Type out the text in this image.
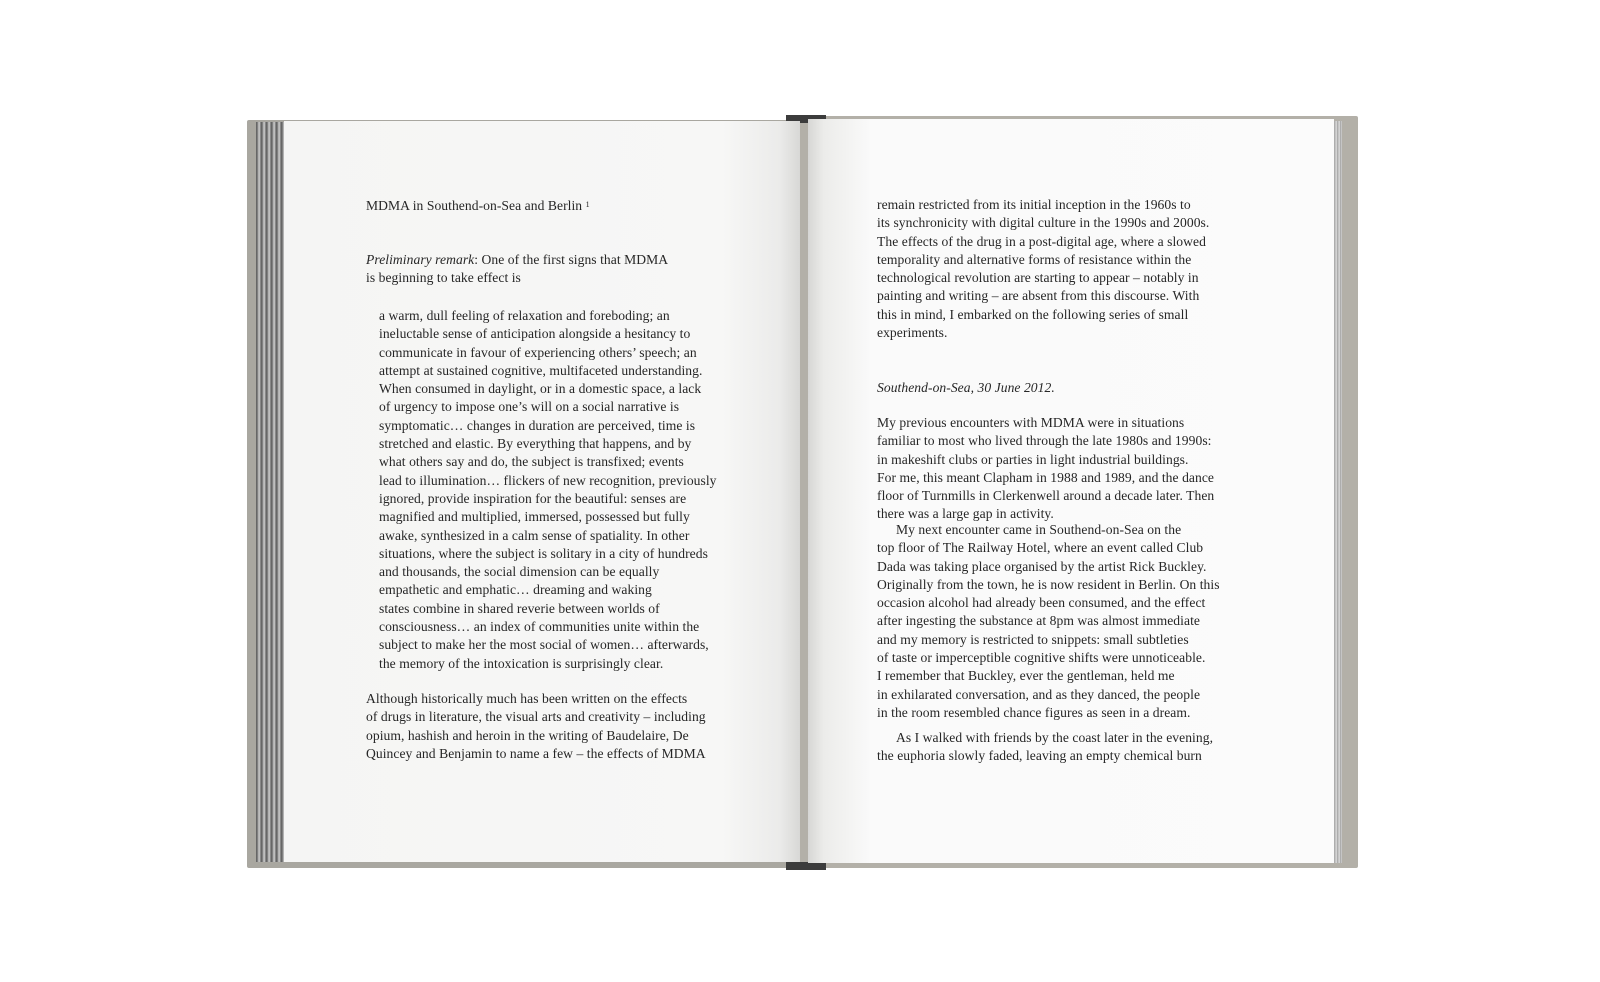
MDMA in Southend-on-Sea and Berlin $^1$
Preliminary remark: One of the first signs that MDMA
is beginning to take effect is
a warm, dull feeling of relaxation and foreboding; an
ineluctable sense of anticipation alongside a hesitancy to
communicate in favour of experiencing others’ speech; an
attempt at sustained cognitive, multifaceted understanding.
When consumed in daylight, or in a domestic space, a lack
of urgency to impose one’s will on a social narrative is
symptomatic… changes in duration are perceived, time is
stretched and elastic. By everything that happens, and by
what others say and do, the subject is transfixed; events
lead to illumination… flickers of new recognition, previously
ignored, provide inspiration for the beautiful: senses are
magnified and multiplied, immersed, possessed but fully
awake, synthesized in a calm sense of spatiality. In other
situations, where the subject is solitary in a city of hundreds
and thousands, the social dimension can be equally
empathetic and emphatic… dreaming and waking
states combine in shared reverie between worlds of
consciousness… an index of communities unite within the
subject to make her the most social of women… afterwards,
the memory of the intoxication is surprisingly clear.
Although historically much has been written on the effects
of drugs in literature, the visual arts and creativity – including
opium, hashish and heroin in the writing of Baudelaire, De
Quincey and Benjamin to name a few – the effects of MDMA
remain restricted from its initial inception in the 1960s to
its synchronicity with digital culture in the 1990s and 2000s.
The effects of the drug in a post-digital age, where a slowed
temporality and alternative forms of resistance within the
technological revolution are starting to appear – notably in
painting and writing – are absent from this discourse. With
this in mind, I embarked on the following series of small
experiments.
Southend-on-Sea, 30 June 2012.
My previous encounters with MDMA were in situations
familiar to most who lived through the late 1980s and 1990s:
in makeshift clubs or parties in light industrial buildings.
For me, this meant Clapham in 1988 and 1989, and the dance
floor of Turnmills in Clerkenwell around a decade later. Then
there was a large gap in activity.
My next encounter came in Southend-on-Sea on the
top floor of The Railway Hotel, where an event called Club
Dada was taking place organised by the artist Rick Buckley.
Originally from the town, he is now resident in Berlin. On this
occasion alcohol had already been consumed, and the effect
after ingesting the substance at 8pm was almost immediate
and my memory is restricted to snippets: small subtleties
of taste or imperceptible cognitive shifts were unnoticeable.
I remember that Buckley, ever the gentleman, held me
in exhilarated conversation, and as they danced, the people
in the room resembled chance figures as seen in a dream.
As I walked with friends by the coast later in the evening,
the euphoria slowly faded, leaving an empty chemical burn
